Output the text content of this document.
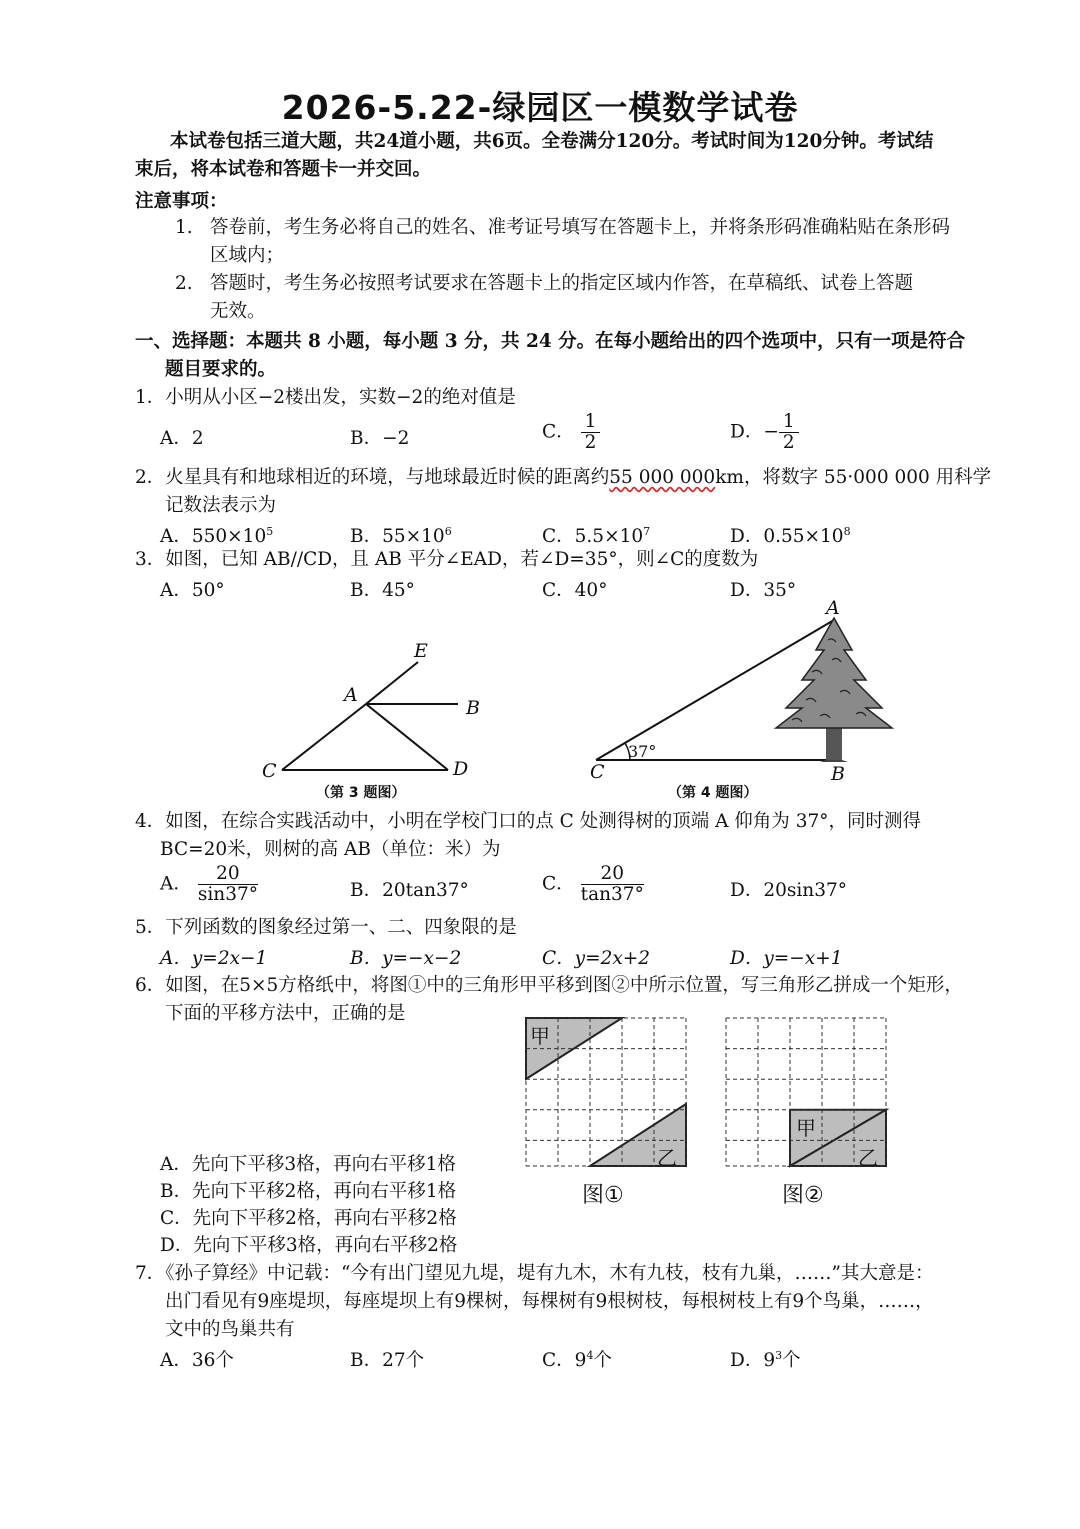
2026-5.22-绿园区一模数学试卷
本试卷包括三道大题，共24道小题，共6页。全卷满分120分。考试时间为120分钟。考试结
束后，将本试卷和答题卡一并交回。
注意事项：
1. 答卷前，考生务必将自己的姓名、准考证号填写在答题卡上，并将条形码准确粘贴在条形码
区域内；
2. 答题时，考生务必按照考试要求在答题卡上的指定区域内作答，在草稿纸、试卷上答题
无效。
一、选择题：本题共 8 小题，每小题 3 分，共 24 分。在每小题给出的四个选项中，只有一项是符合
题目要求的。
1．小明从小区−2楼出发，实数−2的绝对值是
A．2	B．−2	C． $\frac{1}{2}$	D．− $\frac{1}{2}$
2．火星具有和地球相近的环境，与地球最近时候的距离约55 000 000km，将数字 55·000 000 用科学
记数法表示为
A．$550\times 10^5$	B．$55\times 10^6$	C．$5.5\times 10^7$	D．$0.55\times 10^8$
3．如图，已知 AB//CD，且 AB 平分∠EAD，若∠D=35°，则∠C的度数为
A．50°	B．45°	C．40°	D．35°
E
A
B
C	D
（第 3 题图）
A
B
C
37°
（第 4 题图）
4．如图，在综合实践活动中，小明在学校门口的点 C 处测得树的顶端 A 仰角为 37°，同时测得
BC=20米，则树的高 AB（单位：米）为
A． $\frac{20}{\sin 37^\circ}$	B．20tan37°	C． $\frac{20}{\tan 37^\circ}$	D．20sin37°
5．下列函数的图象经过第一、二、四象限的是
A．y=2x−1	B．y=−x−2	C．y=2x+2	D．y=−x+1
6．如图，在5×5方格纸中，将图①中的三角形甲平移到图②中所示位置，写三角形乙拼成一个矩形，
下面的平移方法中，正确的是
甲
乙
图①
甲
乙
图②
A．先向下平移3格，再向右平移1格
B．先向下平移2格，再向右平移1格
C．先向下平移2格，再向右平移2格
D．先向下平移3格，再向右平移2格
7．《孙子算经》中记载：“今有出门望见九堤，堤有九木，木有九枝，枝有九巢，……”其大意是：
出门看见有9座堤坝，每座堤坝上有9棵树，每棵树有9根树枝，每根树枝上有9个鸟巢，……，
文中的鸟巢共有
A．36个	B．27个	C．$9^4$个	D．$9^3$个
